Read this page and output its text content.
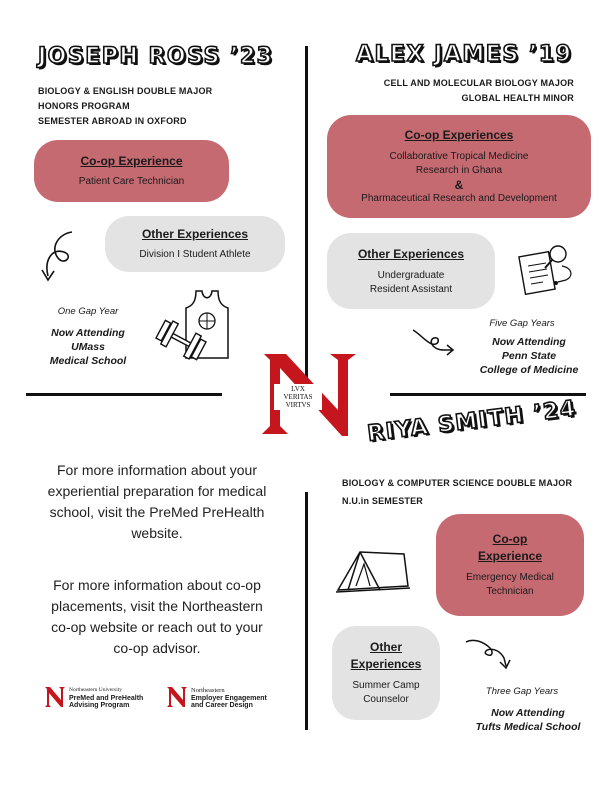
JOSEPH ROSS ’23
BIOLOGY & ENGLISH DOUBLE MAJOR
HONORS PROGRAM
SEMESTER ABROAD IN OXFORD
Co-op Experience
Patient Care Technician
Other Experiences
Division I Student Athlete
One Gap Year
Now Attending
UMass
Medical School
ALEX JAMES ’19
CELL AND MOLECULAR BIOLOGY MAJOR
GLOBAL HEALTH MINOR
Co-op Experiences
Collaborative Tropical Medicine
Research in Ghana
&
Pharmaceutical Research and Development
Other Experiences
Undergraduate
Resident Assistant
Five Gap Years
Now Attending
Penn State
College of Medicine
LVX
VERITAS
VIRTVS	RIYA SMITH ’24
BIOLOGY & COMPUTER SCIENCE DOUBLE MAJOR
N.U.in SEMESTER
Co-op
Experience
Emergency Medical
Technician
Other
Experiences
Summer Camp
Counselor
Three Gap Years
Now Attending
Tufts Medical School
For more information about your experiential preparation for medical school, visit the PreMed PreHealth website.
For more information about co-op placements, visit the Northeastern co-op website or reach out to your co-op advisor.
Northeastern University
PreMed and PreHealth
Advising Program
Northeastern
Employer Engagement
and Career Design
